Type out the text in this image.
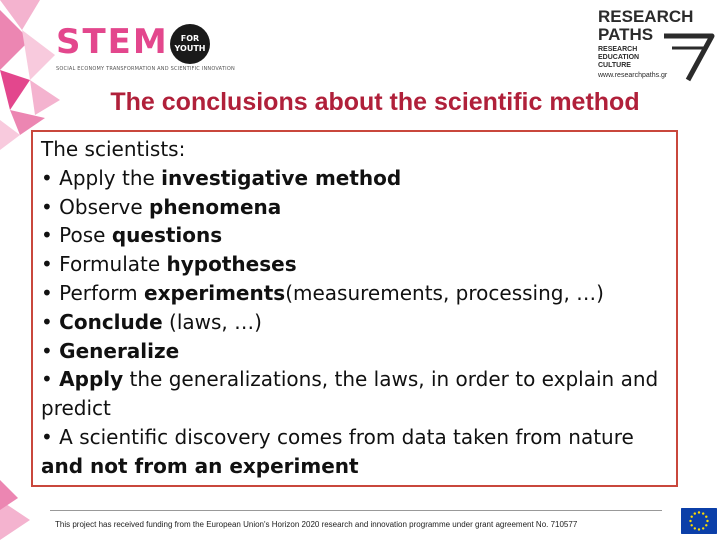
STEM	FOR YOUTH
SOCIAL ECONOMY TRANSFORMATION AND SCIENTIFIC INNOVATION
RESEARCH
PATHS
RESEARCH
EDUCATION
CULTURE
www.researchpaths.gr
The conclusions about the scientific method
The scientists:
• Apply the investigative method
• Observe phenomena
• Pose questions
• Formulate hypotheses
• Perform experiments(measurements, processing, …)
• Conclude (laws, …)
• Generalize
• Apply the generalizations, the laws, in order to explain and predict
• A scientific discovery comes from data taken from nature and not from an experiment
This project has received funding from the European Union's Horizon 2020 research and innovation programme under grant agreement No. 710577
